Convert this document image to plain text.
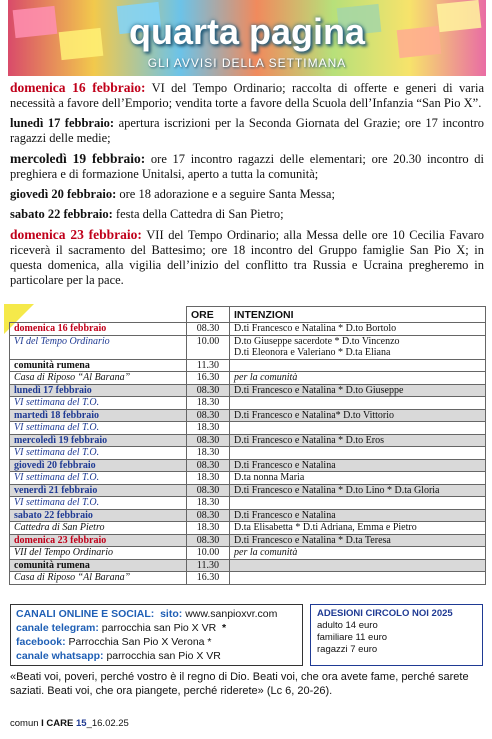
quarta pagina
GLI AVVISI DELLA SETTIMANA

domenica 16 febbraio: VI del Tempo Ordinario; raccolta di offerte e generi di varia necessità a favore dell’Emporio; vendita torte a favore della Scuola dell’Infanzia “San Pio X”.

lunedì 17 febbraio: apertura iscrizioni per la Seconda Giornata del Grazie; ore 17 incontro ragazzi delle medie;

mercoledì 19 febbraio: ore 17 incontro ragazzi delle elementari; ore 20.30 incontro di preghiera e di formazione Unitalsi, aperto a tutta la comunità;

giovedì 20 febbraio: ore 18 adorazione e a seguire Santa Messa;

sabato 22 febbraio: festa della Cattedra di San Pietro;

domenica 23 febbraio: VII del Tempo Ordinario; alla Messa delle ore 10 Cecilia Favaro riceverà il sacramento del Battesimo; ore 18 incontro del Gruppo famiglie San Pio X; in questa domenica, alla vigilia dell’inizio del conflitto tra Russia e Ucraina pregheremo in particolare per la pace.

	ORE	INTENZIONI
domenica 16 febbraio	08.30	D.ti Francesco e Natalina * D.to Bortolo
VI del Tempo Ordinario	10.00	D.to Giuseppe sacerdote * D.to Vincenzo
		D.ti Eleonora e Valeriano * D.ta Eliana
comunità rumena	11.30	
Casa di Riposo “Al Barana”	16.30	per la comunità
lunedì 17 febbraio	08.30	D.ti Francesco e Natalina * D.to Giuseppe
VI settimana del T.O.	18.30	
martedì 18 febbraio	08.30	D.ti Francesco e Natalina* D.to Vittorio
VI settimana del T.O.	18.30	
mercoledì 19 febbraio	08.30	D.ti Francesco e Natalina * D.to Eros
VI settimana del T.O.	18.30	
giovedì 20 febbraio	08.30	D.ti Francesco e Natalina
VI settimana del T.O.	18.30	D.ta nonna Maria
venerdì 21 febbraio	08.30	D.ti Francesco e Natalina * D.to Lino * D.ta Gloria
VI settimana del T.O.	18.30	
sabato 22 febbraio	08.30	D.ti Francesco e Natalina
Cattedra di San Pietro	18.30	D.ta Elisabetta * D.ti Adriana, Emma e Pietro
domenica 23 febbraio	08.30	D.ti Francesco e Natalina * D.ta Teresa
VII del Tempo Ordinario	10.00	per la comunità
comunità rumena	11.30	
Casa di Riposo “Al Barana”	16.30	
CANALI ONLINE E SOCIAL: sito: www.sanpioxvr.com
canale telegram: parrocchia san Pio X VR *
facebook: Parrocchia San Pio X Verona *
canale whatsapp: parrocchia san Pio X VR
ADESIONI CIRCOLO NOI 2025
adulto 14 euro
familiare 11 euro
ragazzi 7 euro
«Beati voi, poveri, perché vostro è il regno di Dio. Beati voi, che ora avete fame, perché sarete saziati. Beati voi, che ora piangete, perché riderete» (Lc 6, 20-26).
comun I CARE 15_16.02.25
